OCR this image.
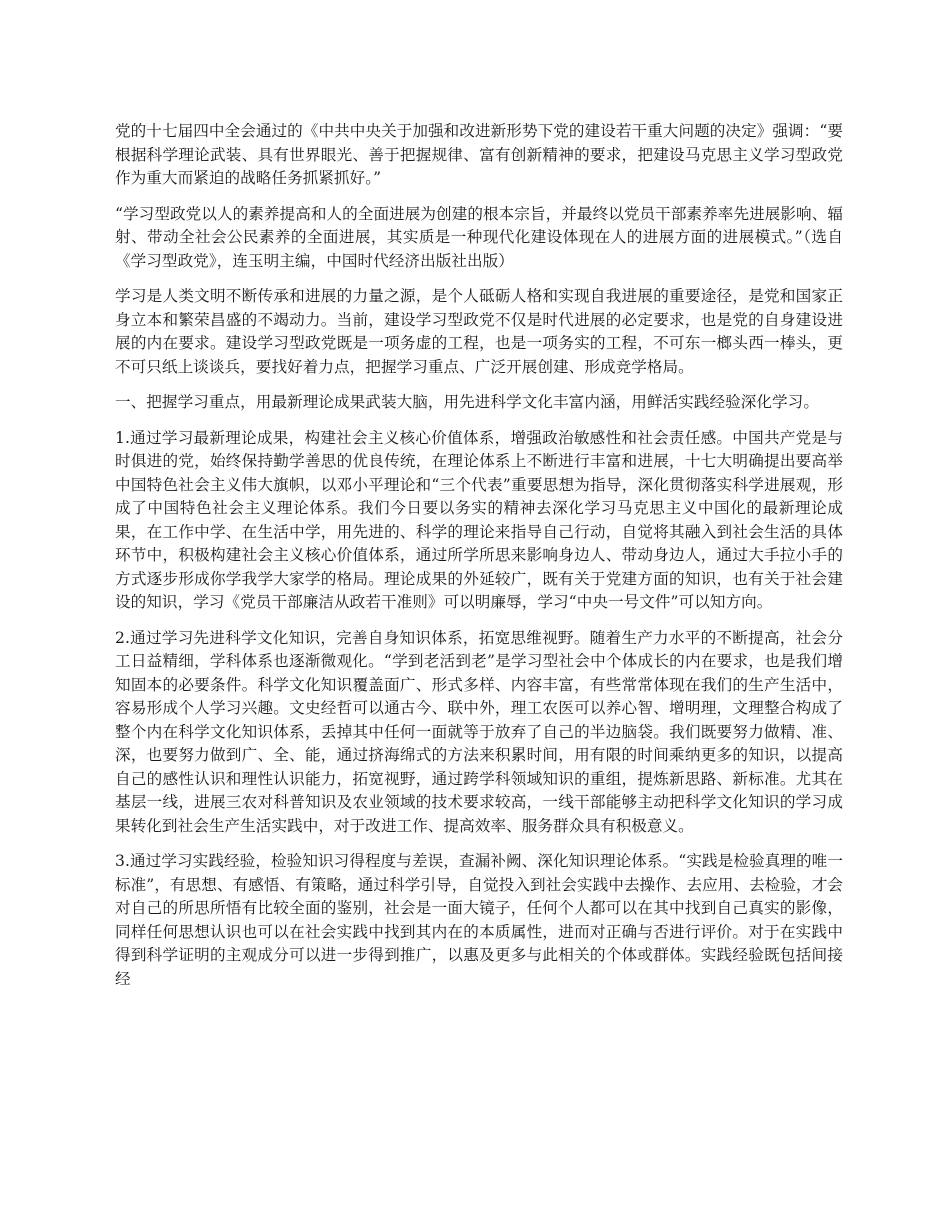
党的十七届四中全会通过的《中共中央关于加强和改进新形势下党的建设若干重大问题的决定》强调：“要根据科学理论武装、具有世界眼光、善于把握规律、富有创新精神的要求，把建设马克思主义学习型政党作为重大而紧迫的战略任务抓紧抓好。”

“学习型政党以人的素养提高和人的全面进展为创建的根本宗旨，并最终以党员干部素养率先进展影响、辐射、带动全社会公民素养的全面进展，其实质是一种现代化建设体现在人的进展方面的进展模式。”（选自《学习型政党》，连玉明主编，中国时代经济出版社出版）

学习是人类文明不断传承和进展的力量之源，是个人砥砺人格和实现自我进展的重要途径，是党和国家正身立本和繁荣昌盛的不竭动力。当前，建设学习型政党不仅是时代进展的必定要求，也是党的自身建设进展的内在要求。建设学习型政党既是一项务虚的工程，也是一项务实的工程，不可东一榔头西一棒头，更不可只纸上谈谈兵，要找好着力点，把握学习重点、广泛开展创建、形成竞学格局。

一、把握学习重点，用最新理论成果武装大脑，用先进科学文化丰富内涵，用鲜活实践经验深化学习。

1.通过学习最新理论成果，构建社会主义核心价值体系，增强政治敏感性和社会责任感。中国共产党是与时俱进的党，始终保持勤学善思的优良传统，在理论体系上不断进行丰富和进展，十七大明确提出要高举中国特色社会主义伟大旗帜，以邓小平理论和“三个代表”重要思想为指导，深化贯彻落实科学进展观，形成了中国特色社会主义理论体系。我们今日要以务实的精神去深化学习马克思主义中国化的最新理论成果，在工作中学、在生活中学，用先进的、科学的理论来指导自己行动，自觉将其融入到社会生活的具体环节中，积极构建社会主义核心价值体系，通过所学所思来影响身边人、带动身边人，通过大手拉小手的方式逐步形成你学我学大家学的格局。理论成果的外延较广，既有关于党建方面的知识，也有关于社会建设的知识，学习《党员干部廉洁从政若干准则》可以明廉辱，学习“中央一号文件”可以知方向。

2.通过学习先进科学文化知识，完善自身知识体系，拓宽思维视野。随着生产力水平的不断提高，社会分工日益精细，学科体系也逐渐微观化。“学到老活到老”是学习型社会中个体成长的内在要求，也是我们增知固本的必要条件。科学文化知识覆盖面广、形式多样、内容丰富，有些常常体现在我们的生产生活中，容易形成个人学习兴趣。文史经哲可以通古今、联中外，理工农医可以养心智、增明理，文理整合构成了整个内在科学文化知识体系，丢掉其中任何一面就等于放弃了自己的半边脑袋。我们既要努力做精、准、深，也要努力做到广、全、能，通过挤海绵式的方法来积累时间，用有限的时间乘纳更多的知识，以提高自己的感性认识和理性认识能力，拓宽视野，通过跨学科领域知识的重组，提炼新思路、新标准。尤其在基层一线，进展三农对科普知识及农业领域的技术要求较高，一线干部能够主动把科学文化知识的学习成果转化到社会生产生活实践中，对于改进工作、提高效率、服务群众具有积极意义。

3.通过学习实践经验，检验知识习得程度与差误，查漏补阙、深化知识理论体系。“实践是检验真理的唯一标准”，有思想、有感悟、有策略，通过科学引导，自觉投入到社会实践中去操作、去应用、去检验，才会对自己的所思所悟有比较全面的鉴别，社会是一面大镜子，任何个人都可以在其中找到自己真实的影像，同样任何思想认识也可以在社会实践中找到其内在的本质属性，进而对正确与否进行评价。对于在实践中得到科学证明的主观成分可以进一步得到推广，以惠及更多与此相关的个体或群体。实践经验既包括间接经
